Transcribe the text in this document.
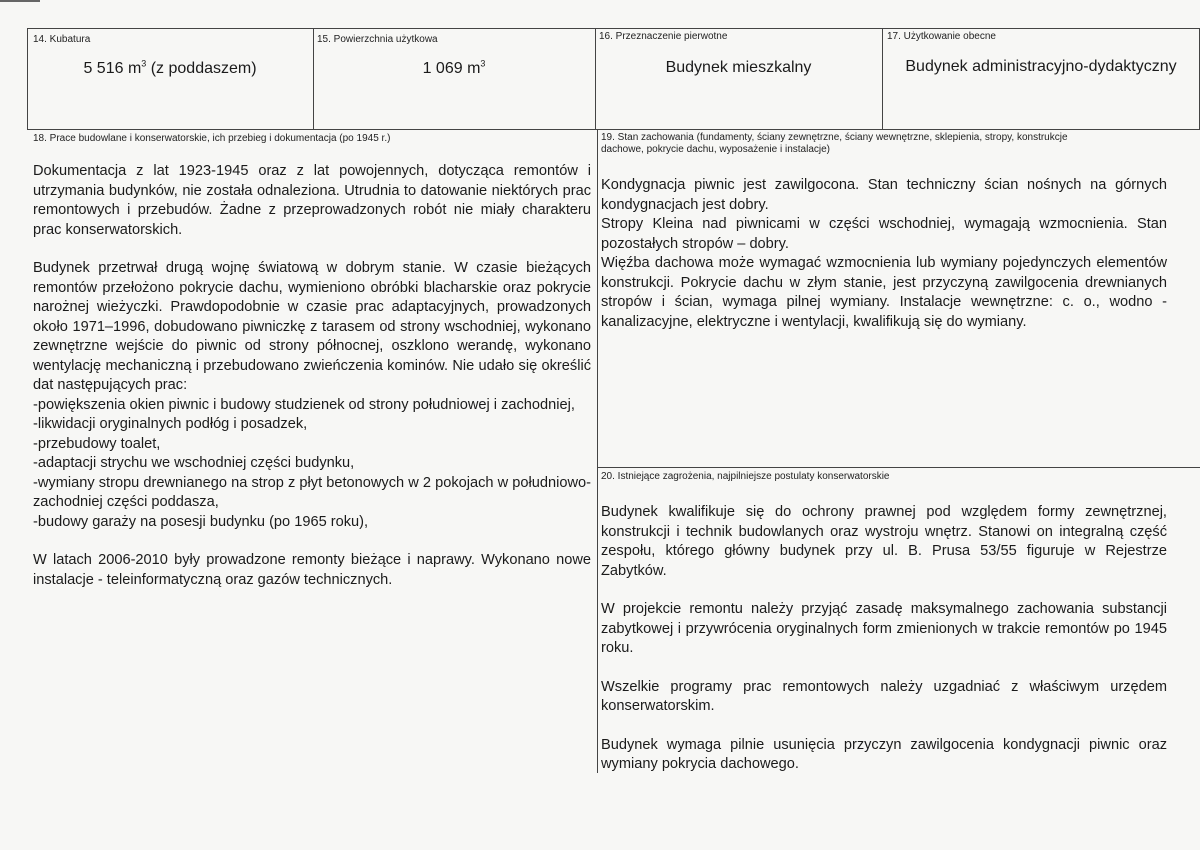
14. Kubatura
5 516 $m^3$ (z poddaszem)
15. Powierzchnia użytkowa
1 069 $m^3$
16. Przeznaczenie pierwotne
Budynek mieszkalny
17. Użytkowanie obecne
Budynek administracyjno-dydaktyczny
18. Prace budowlane i konserwatorskie, ich przebieg i dokumentacja (po 1945 r.)

Dokumentacja z lat 1923-1945 oraz z lat powojennych, dotycząca remontów i utrzymania budynków, nie została odnaleziona. Utrudnia to datowanie niektórych prac remontowych i przebudów. Żadne z przeprowadzonych robót nie miały charakteru prac konserwatorskich.

Budynek przetrwał drugą wojnę światową w dobrym stanie. W czasie bieżących remontów przełożono pokrycie dachu, wymieniono obróbki blacharskie oraz pokrycie narożnej wieżyczki. Prawdopodobnie w czasie prac adaptacyjnych, prowadzonych około 1971–1996, dobudowano piwniczkę z tarasem od strony wschodniej, wykonano zewnętrzne wejście do piwnic od strony północnej, oszklono werandę, wykonano wentylację mechaniczną i przebudowano zwieńczenia kominów. Nie udało się określić dat następujących prac:

-powiększenia okien piwnic i budowy studzienek od strony południowej i zachodniej,

-likwidacji oryginalnych podłóg i posadzek,

-przebudowy toalet,

-adaptacji strychu we wschodniej części budynku,

-wymiany stropu drewnianego na strop z płyt betonowych w 2 pokojach w południowo-zachodniej części poddasza,

-budowy garaży na posesji budynku (po 1965 roku),

W latach 2006-2010 były prowadzone remonty bieżące i naprawy. Wykonano nowe instalacje - teleinformatyczną oraz gazów technicznych.

19. Stan zachowania (fundamenty, ściany zewnętrzne, ściany wewnętrzne, sklepienia, stropy, konstrukcje dachowe, pokrycie dachu, wyposażenie i instalacje)

Kondygnacja piwnic jest zawilgocona. Stan techniczny ścian nośnych na górnych kondygnacjach jest dobry.

Stropy Kleina nad piwnicami w części wschodniej, wymagają wzmocnienia. Stan pozostałych stropów – dobry.

Więźba dachowa może wymagać wzmocnienia lub wymiany pojedynczych elementów konstrukcji. Pokrycie dachu w złym stanie, jest przyczyną zawilgocenia drewnianych stropów i ścian, wymaga pilnej wymiany. Instalacje wewnętrzne: c. o., wodno - kanalizacyjne, elektryczne i wentylacji, kwalifikują się do wymiany.

20. Istniejące zagrożenia, najpilniejsze postulaty konserwatorskie

Budynek kwalifikuje się do ochrony prawnej pod względem formy zewnętrznej, konstrukcji i technik budowlanych oraz wystroju wnętrz. Stanowi on integralną część zespołu, którego główny budynek przy ul. B. Prusa 53/55 figuruje w Rejestrze Zabytków.

W projekcie remontu należy przyjąć zasadę maksymalnego zachowania substancji zabytkowej i przywrócenia oryginalnych form zmienionych w trakcie remontów po 1945 roku.

Wszelkie programy prac remontowych należy uzgadniać z właściwym urzędem konserwatorskim.

Budynek wymaga pilnie usunięcia przyczyn zawilgocenia kondygnacji piwnic oraz wymiany pokrycia dachowego.
